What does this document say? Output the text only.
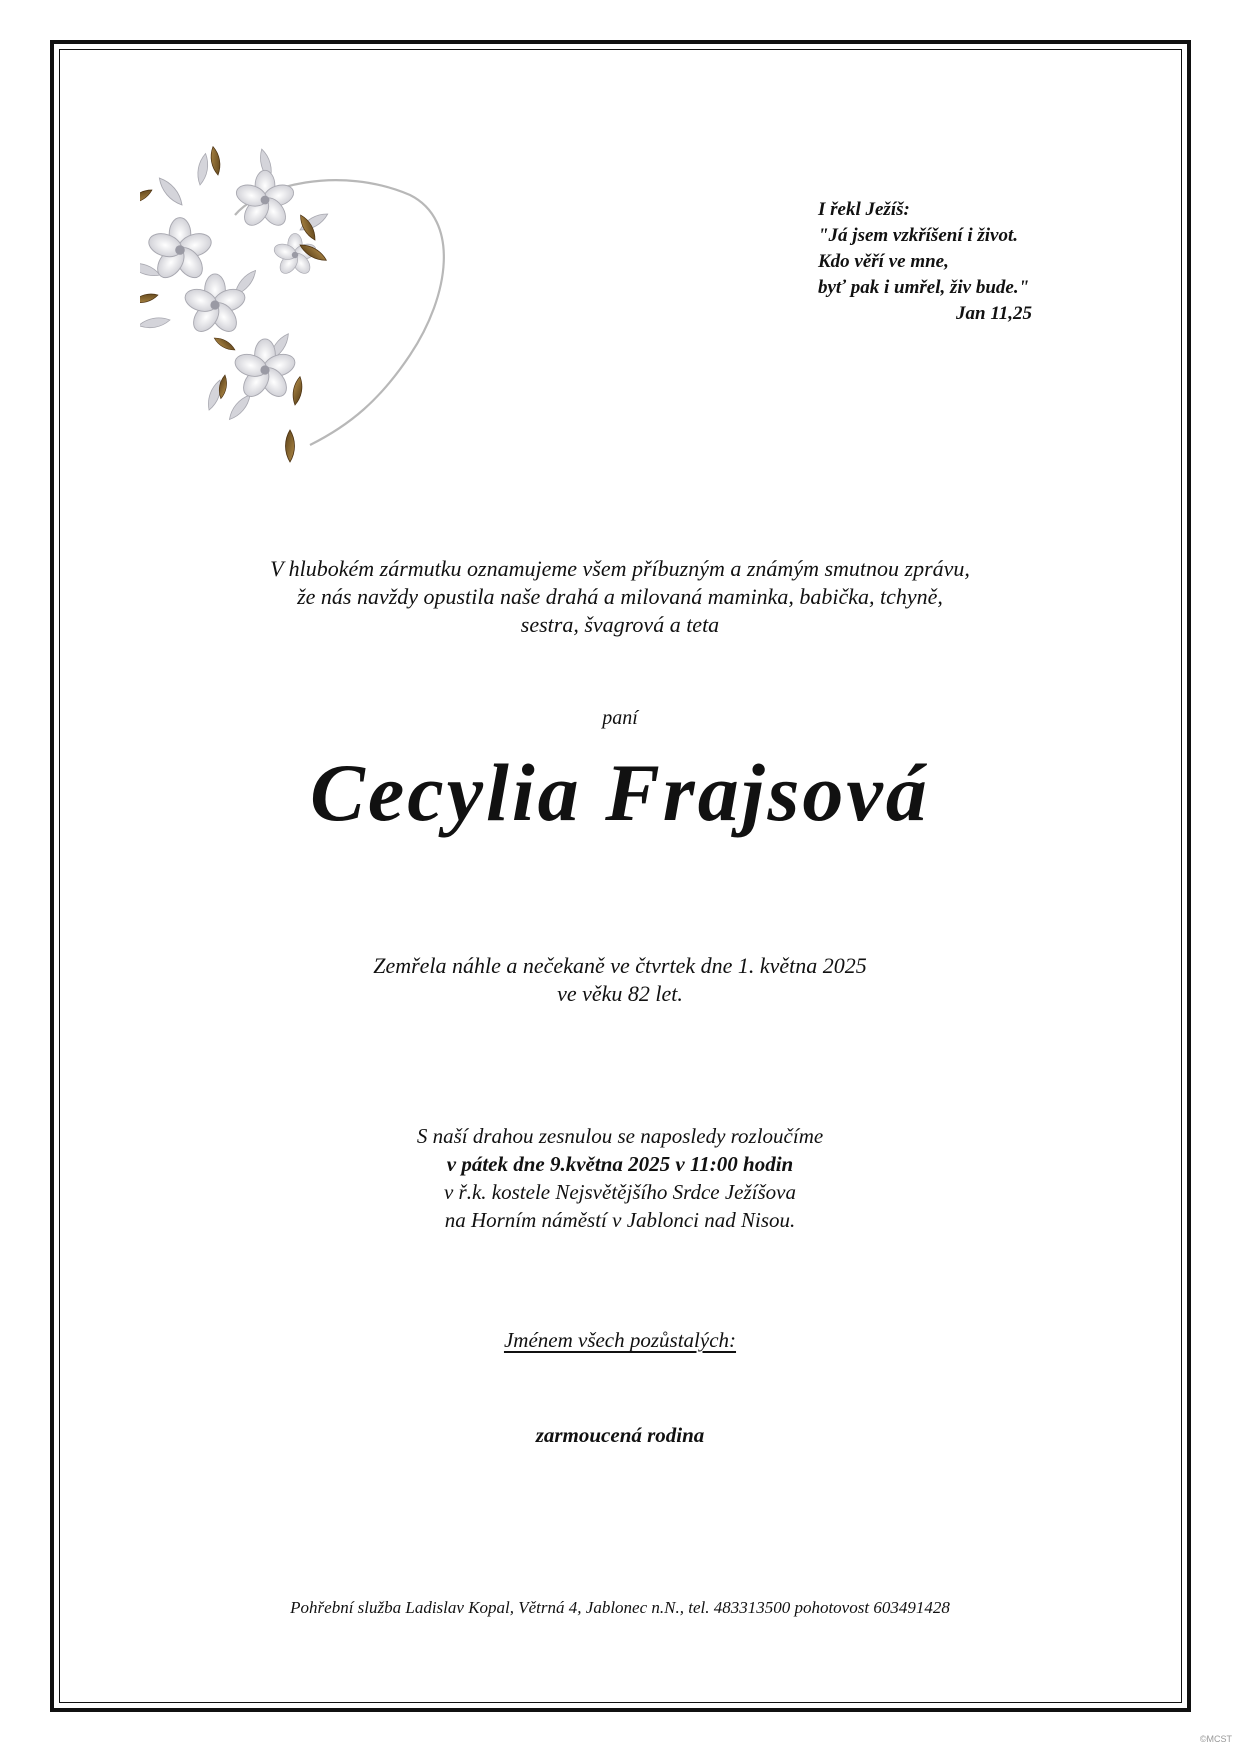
I řekl Ježíš:
"Já jsem vzkříšení i život.
Kdo věří ve mne,
byť pak i umřel, živ bude."
Jan 11,25
V hlubokém zármutku oznamujeme všem příbuzným a známým smutnou zprávu,
že nás navždy opustila naše drahá a milovaná maminka, babička, tchyně,
sestra, švagrová a teta
paní
Cecylia Frajsová
Zemřela náhle a nečekaně ve čtvrtek dne 1. května 2025
ve věku 82 let.
S naší drahou zesnulou se naposledy rozloučíme
v pátek dne 9.května 2025 v 11:00 hodin
v ř.k. kostele Nejsvětějšího Srdce Ježíšova
na Horním náměstí v Jablonci nad Nisou.
Jménem všech pozůstalých:
zarmoucená rodina
Pohřební služba Ladislav Kopal, Větrná 4, Jablonec n.N., tel. 483313500 pohotovost 603491428
©MCST
